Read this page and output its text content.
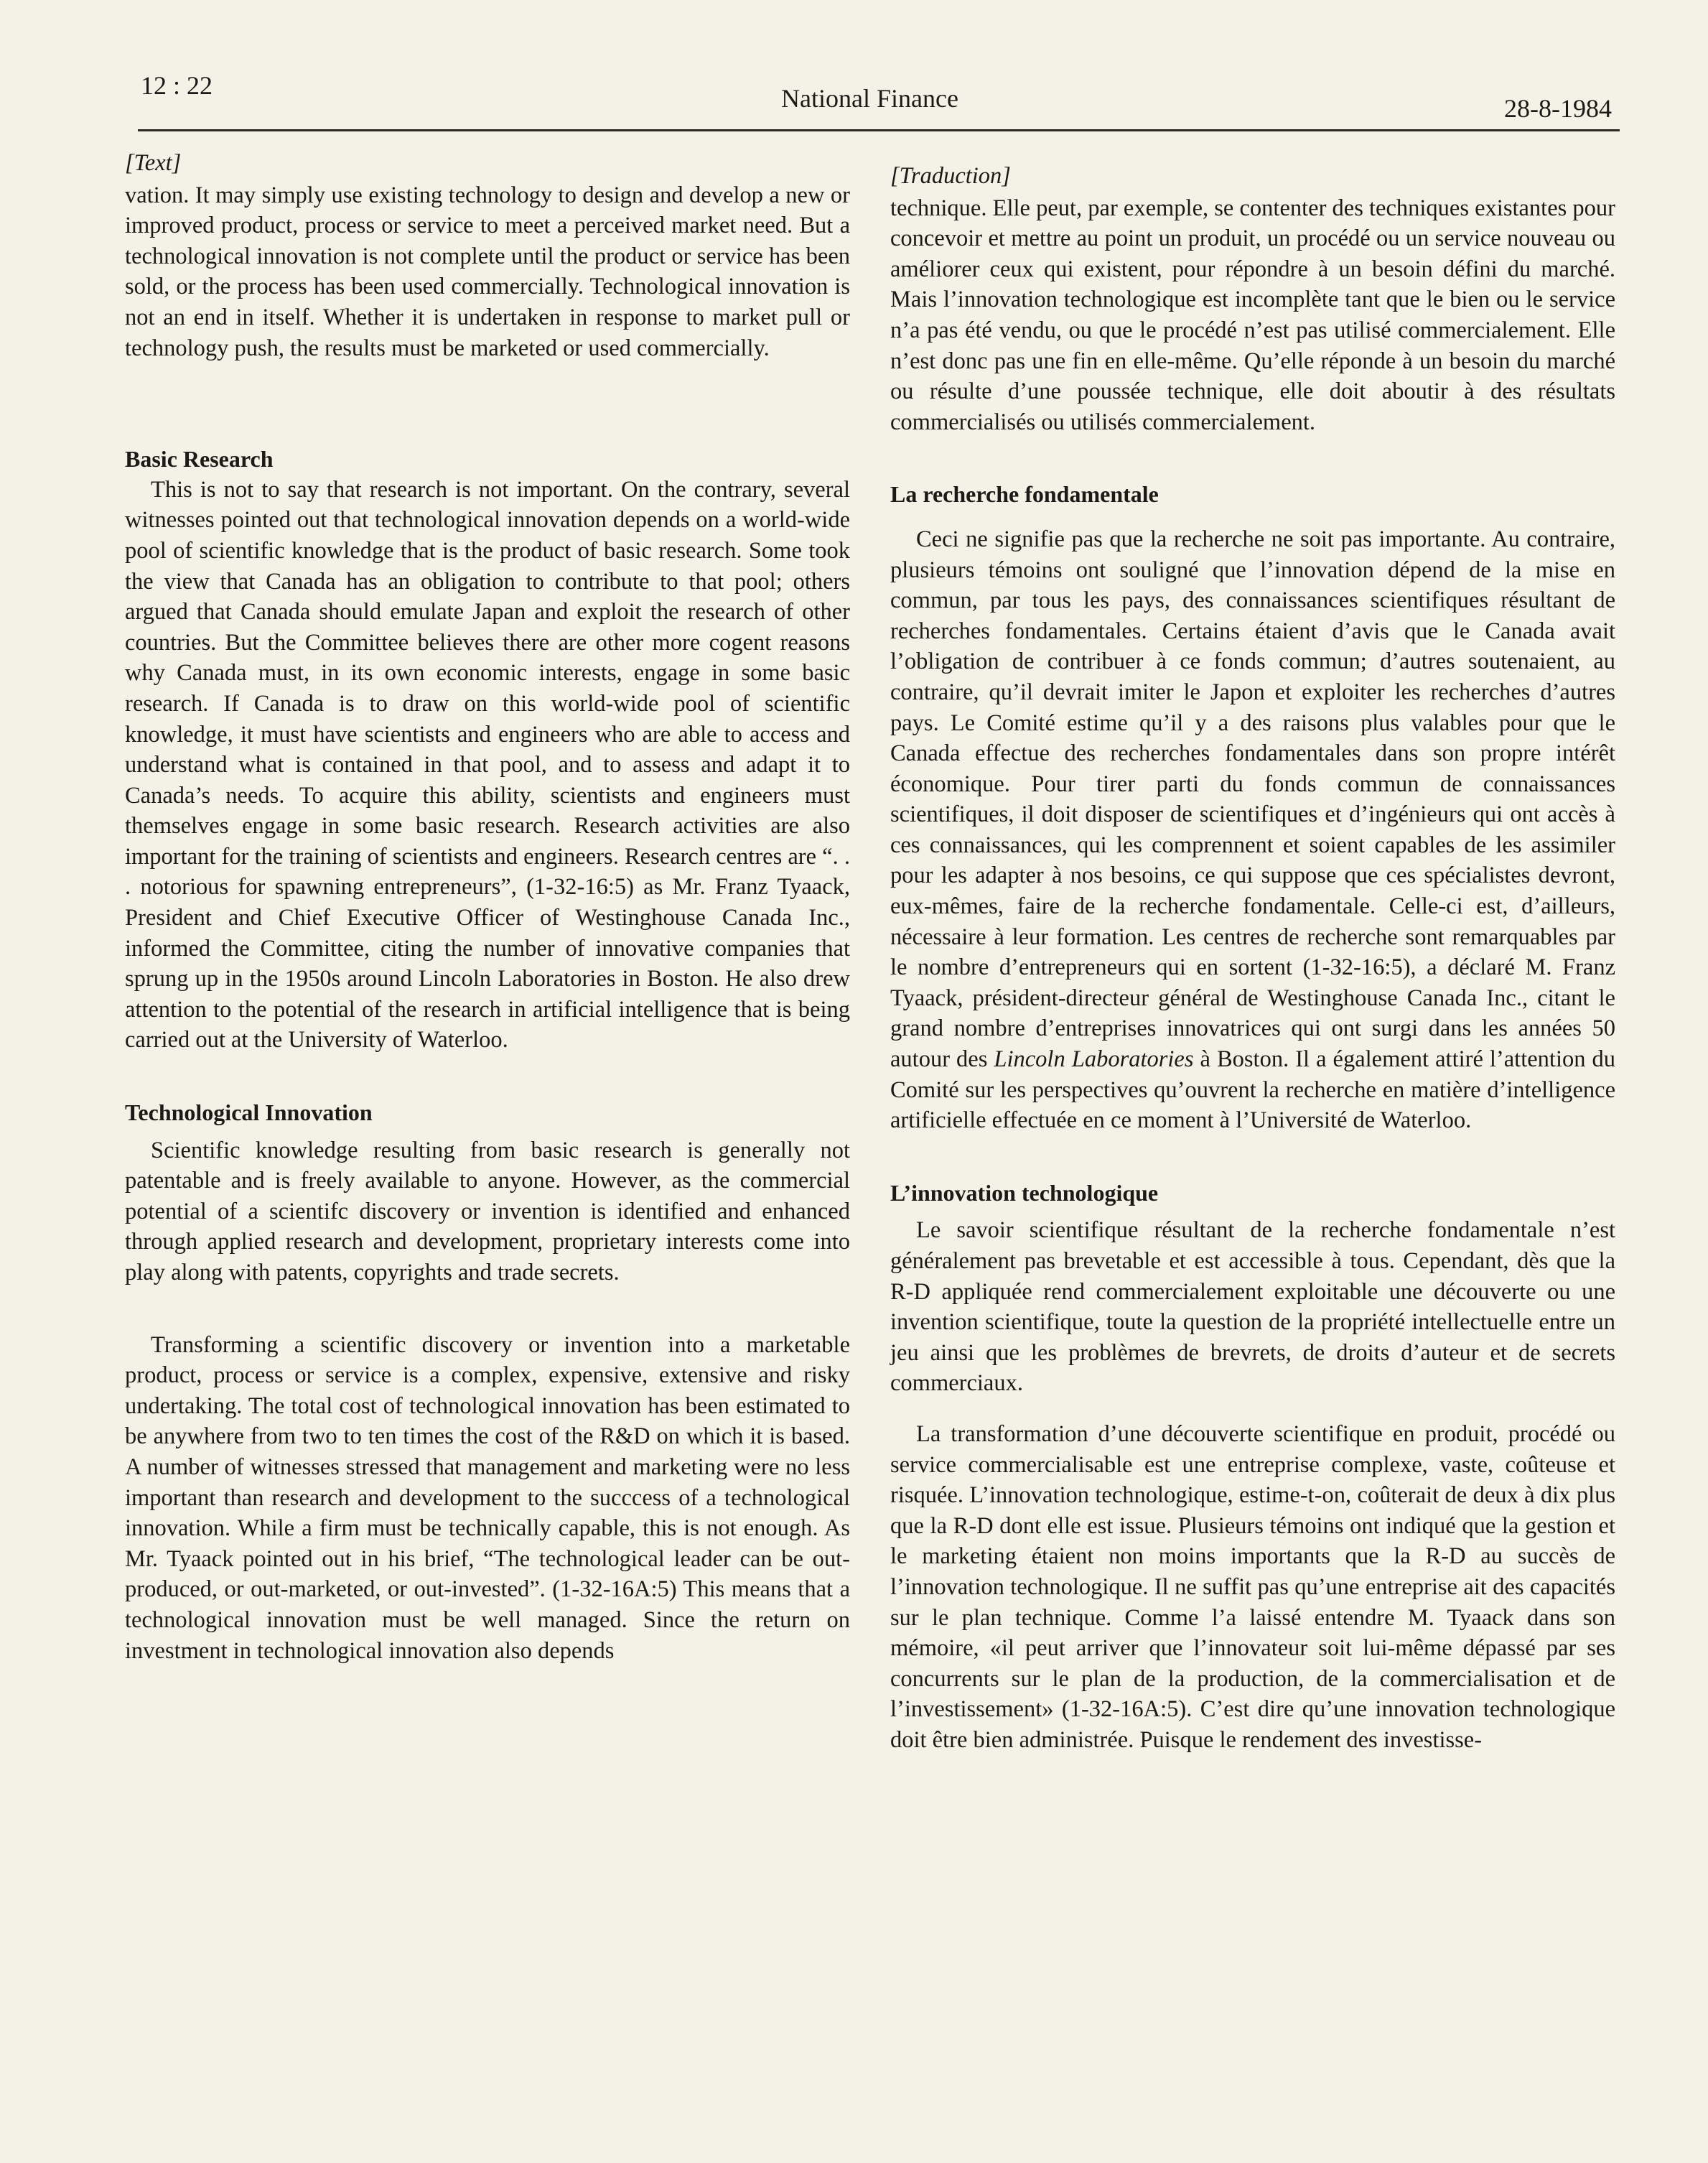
12 : 22	National Finance	28-8-1984

[Text]

vation. It may simply use existing technology to design and develop a new or improved product, process or service to meet a perceived market need. But a technological innovation is not complete until the product or service has been sold, or the process has been used commercially. Technological innovation is not an end in itself. Whether it is undertaken in response to market pull or technology push, the results must be marketed or used commercially.

Basic Research

This is not to say that research is not important. On the contrary, several witnesses pointed out that technological innovation depends on a world-wide pool of scientific knowledge that is the product of basic research. Some took the view that Canada has an obligation to contribute to that pool; others argued that Canada should emulate Japan and exploit the research of other countries. But the Committee believes there are other more cogent reasons why Canada must, in its own economic interests, engage in some basic research. If Canada is to draw on this world-wide pool of scientific knowledge, it must have scientists and engineers who are able to access and understand what is contained in that pool, and to assess and adapt it to Canada’s needs. To acquire this ability, scientists and engineers must themselves engage in some basic research. Research activities are also important for the training of scientists and engineers. Research centres are “. . . notorious for spawning entrepreneurs”, (1-32-16:5) as Mr. Franz Tyaack, President and Chief Executive Officer of Westinghouse Canada Inc., informed the Committee, citing the number of innovative companies that sprung up in the 1950s around Lincoln Laboratories in Boston. He also drew attention to the potential of the research in artificial intelligence that is being carried out at the University of Waterloo.

Technological Innovation

Scientific knowledge resulting from basic research is generally not patentable and is freely available to anyone. However, as the commercial potential of a scientifc discovery or invention is identified and enhanced through applied research and development, proprietary interests come into play along with patents, copyrights and trade secrets.

Transforming a scientific discovery or invention into a marketable product, process or service is a complex, expensive, extensive and risky undertaking. The total cost of technological innovation has been estimated to be anywhere from two to ten times the cost of the R&D on which it is based. A number of witnesses stressed that management and marketing were no less important than research and development to the succcess of a technological innovation. While a firm must be technically capable, this is not enough. As Mr. Tyaack pointed out in his brief, “The technological leader can be out-produced, or out-marketed, or out-invested”. (1-32-16A:5) This means that a technological innovation must be well managed. Since the return on investment in technological innovation also depends

[Traduction]

technique. Elle peut, par exemple, se contenter des techniques existantes pour concevoir et mettre au point un produit, un procédé ou un service nouveau ou améliorer ceux qui existent, pour répondre à un besoin défini du marché. Mais l’innovation technologique est incomplète tant que le bien ou le service n’a pas été vendu, ou que le procédé n’est pas utilisé commercialement. Elle n’est donc pas une fin en elle-même. Qu’elle réponde à un besoin du marché ou résulte d’une poussée technique, elle doit aboutir à des résultats commercialisés ou utilisés commercialement.

La recherche fondamentale

Ceci ne signifie pas que la recherche ne soit pas importante. Au contraire, plusieurs témoins ont souligné que l’innovation dépend de la mise en commun, par tous les pays, des connaissances scientifiques résultant de recherches fondamentales. Certains étaient d’avis que le Canada avait l’obligation de contribuer à ce fonds commun; d’autres soutenaient, au contraire, qu’il devrait imiter le Japon et exploiter les recherches d’autres pays. Le Comité estime qu’il y a des raisons plus valables pour que le Canada effectue des recherches fondamentales dans son propre intérêt économique. Pour tirer parti du fonds commun de connaissances scientifiques, il doit disposer de scientifiques et d’ingénieurs qui ont accès à ces connaissances, qui les comprennent et soient capables de les assimiler pour les adapter à nos besoins, ce qui suppose que ces spécialistes devront, eux-mêmes, faire de la recherche fondamentale. Celle-ci est, d’ailleurs, nécessaire à leur formation. Les centres de recherche sont remarquables par le nombre d’entrepreneurs qui en sortent (1-32-16:5), a déclaré M. Franz Tyaack, président-directeur général de Westinghouse Canada Inc., citant le grand nombre d’entreprises innovatrices qui ont surgi dans les années 50 autour des Lincoln Laboratories à Boston. Il a également attiré l’attention du Comité sur les perspectives qu’ouvrent la recherche en matière d’intelligence artificielle effectuée en ce moment à l’Université de Waterloo.

L’innovation technologique

Le savoir scientifique résultant de la recherche fondamentale n’est généralement pas brevetable et est accessible à tous. Cependant, dès que la R-D appliquée rend commercialement exploitable une découverte ou une invention scientifique, toute la question de la propriété intellectuelle entre un jeu ainsi que les problèmes de brevrets, de droits d’auteur et de secrets commerciaux.

La transformation d’une découverte scientifique en produit, procédé ou service commercialisable est une entreprise complexe, vaste, coûteuse et risquée. L’innovation technologique, estime-t-on, coûterait de deux à dix plus que la R-D dont elle est issue. Plusieurs témoins ont indiqué que la gestion et le marketing étaient non moins importants que la R-D au succès de l’innovation technologique. Il ne suffit pas qu’une entreprise ait des capacités sur le plan technique. Comme l’a laissé entendre M. Tyaack dans son mémoire, «il peut arriver que l’innovateur soit lui-même dépassé par ses concurrents sur le plan de la production, de la commercialisation et de l’investissement» (1-32-16A:5). C’est dire qu’une innovation technologique doit être bien administrée. Puisque le rendement des investisse-
